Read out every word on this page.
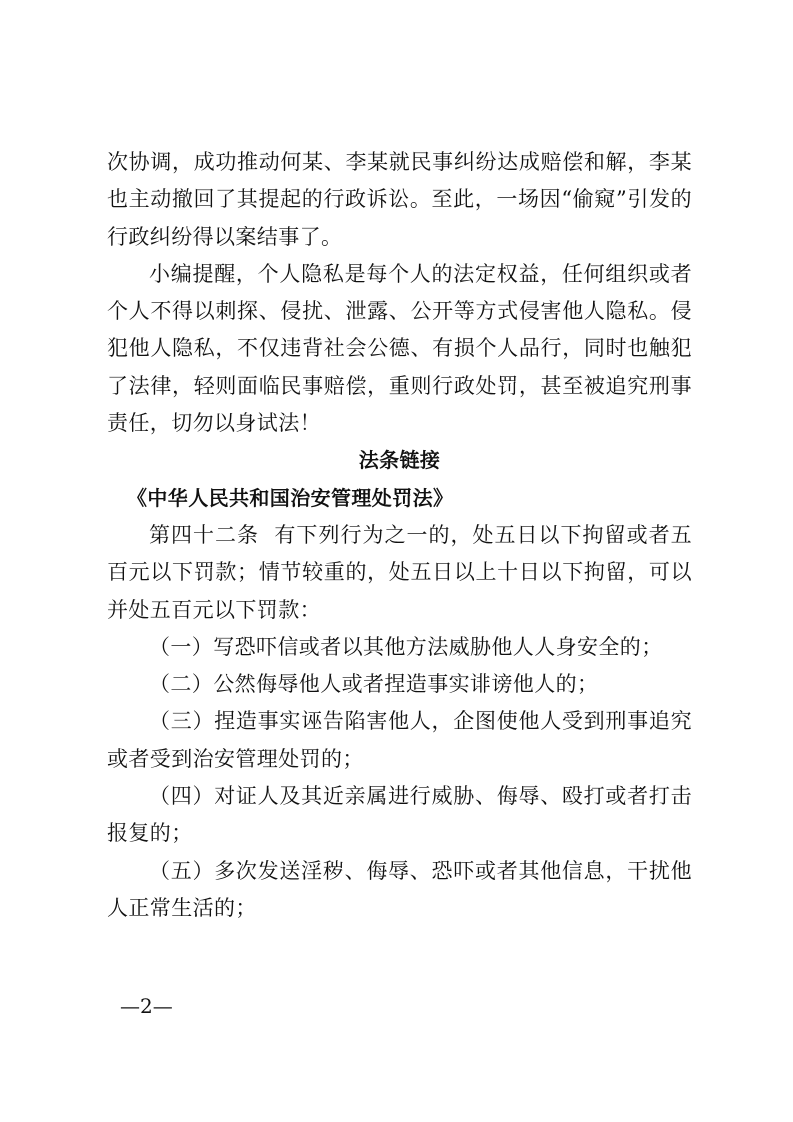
次协调，成功推动何某、李某就民事纠纷达成赔偿和解，李某也主动撤回了其提起的行政诉讼。至此，一场因“偷窥”引发的行政纠纷得以案结事了。

小编提醒，个人隐私是每个人的法定权益，任何组织或者个人不得以刺探、侵扰、泄露、公开等方式侵害他人隐私。侵犯他人隐私，不仅违背社会公德、有损个人品行，同时也触犯了法律，轻则面临民事赔偿，重则行政处罚，甚至被追究刑事责任，切勿以身试法！

法条链接

《中华人民共和国治安管理处罚法》

第四十二条 有下列行为之一的，处五日以下拘留或者五百元以下罚款；情节较重的，处五日以上十日以下拘留，可以并处五百元以下罚款：

（一）写恐吓信或者以其他方法威胁他人人身安全的；

（二）公然侮辱他人或者捏造事实诽谤他人的；

（三）捏造事实诬告陷害他人，企图使他人受到刑事追究或者受到治安管理处罚的；

（四）对证人及其近亲属进行威胁、侮辱、殴打或者打击报复的；

（五）多次发送淫秽、侮辱、恐吓或者其他信息，干扰他人正常生活的；

—2—
